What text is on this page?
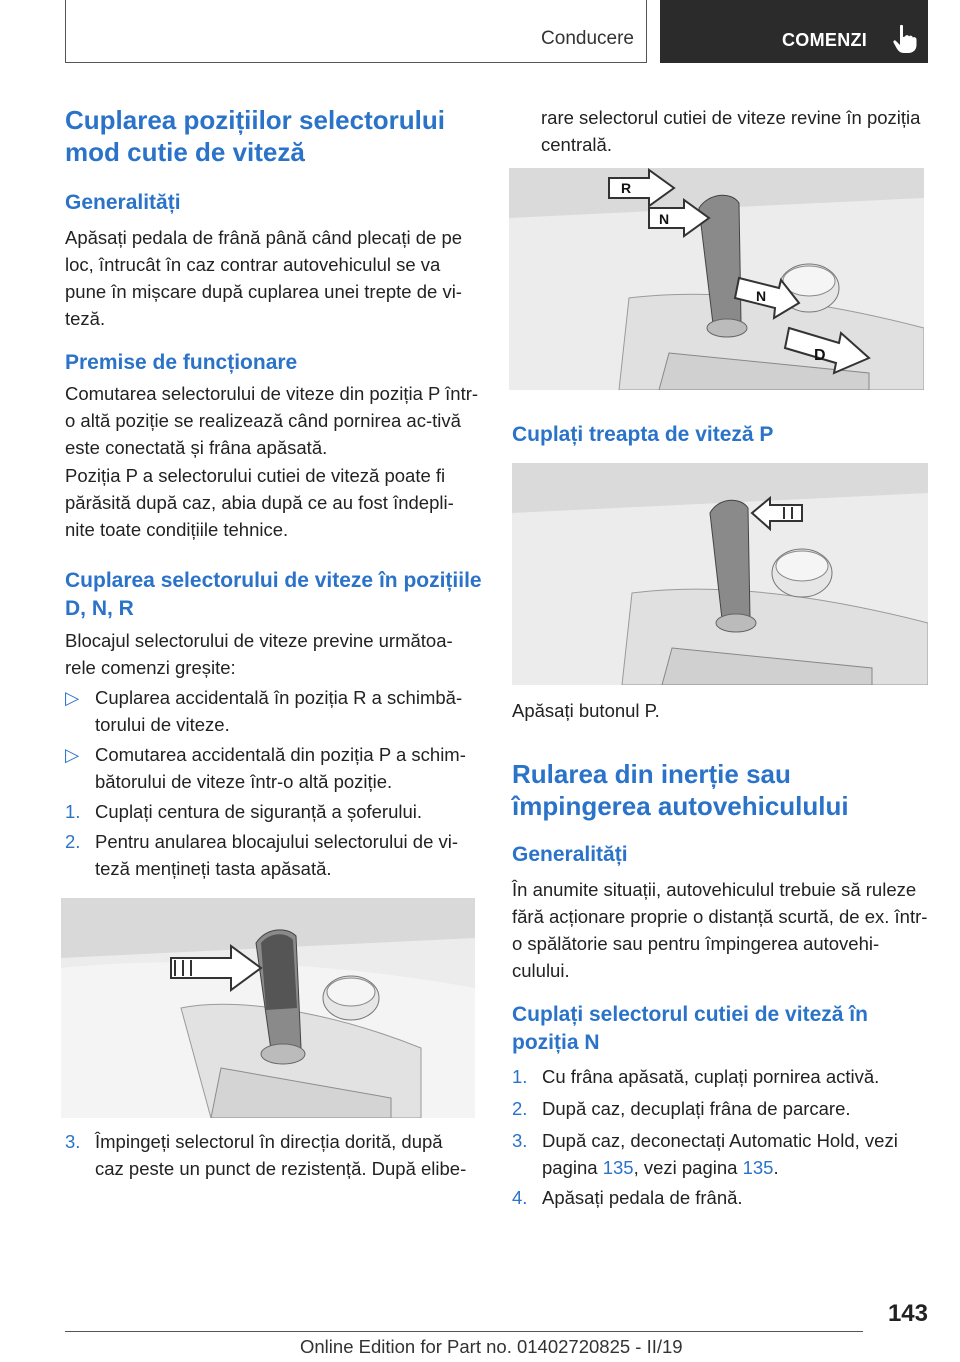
Conducere	COMENZI
Cuplarea pozițiilor selectorului mod cutie de viteză
Generalități
Apăsați pedala de frână până când plecați de pe loc, întrucât în caz contrar autovehiculul se va pune în mișcare după cuplarea unei trepte de vi-teză.
Premise de funcționare
Comutarea selectorului de viteze din poziția P într-o altă poziție se realizează când pornirea ac-tivă este conectată și frâna apăsată.
Poziția P a selectorului cutiei de viteză poate fi părăsită după caz, abia după ce au fost îndepli-nite toate condițiile tehnice.
Cuplarea selectorului de viteze în pozițiile D, N, R
Blocajul selectorului de viteze previne următoa-rele comenzi greșite:
▷ Cuplarea accidentală în poziția R a schimbă-torului de viteze.
▷ Comutarea accidentală din poziția P a schim-bătorului de viteze într-o altă poziție.
1. Cuplați centura de siguranță a șoferului.
2. Pentru anularea blocajului selectorului de vi-teză mențineți tasta apăsată.
3. Împingeți selectorul în direcția dorită, după caz peste un punct de rezistență. După elibe-
rare selectorul cutiei de viteze revine în poziția centrală.
R
N
N
D
Cuplați treapta de viteză P
Apăsați butonul P.
Rularea din inerție sau împingerea autovehiculului
Generalități
În anumite situații, autovehiculul trebuie să ruleze fără acționare proprie o distanță scurtă, de ex. într-o spălătorie sau pentru împingerea autovehi-culului.
Cuplați selectorul cutiei de viteză în poziția N
1. Cu frâna apăsată, cuplați pornirea activă.
2. După caz, decuplați frâna de parcare.
3. După caz, deconectați Automatic Hold, vezi pagina 135, vezi pagina 135.
4. Apăsați pedala de frână.
143
Online Edition for Part no. 01402720825 - II/19
